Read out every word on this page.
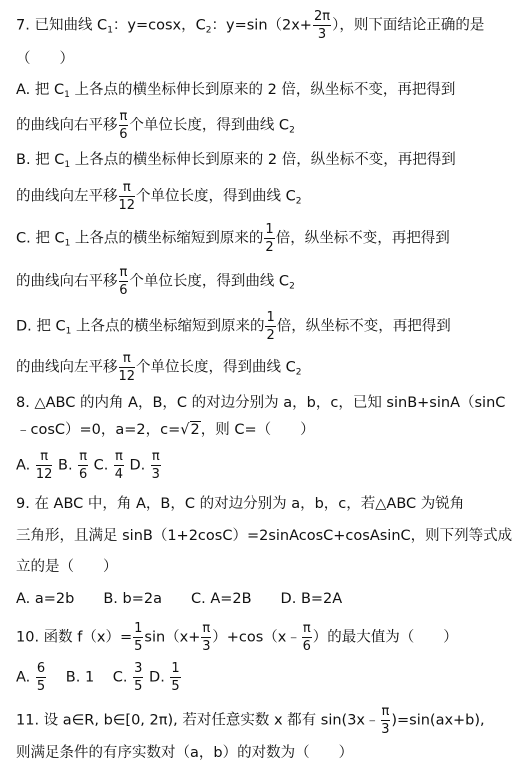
7. 已知曲线 $C_1$：y=cosx，$C_2$：$y=\sin(2x+ \frac{2\pi}{3}$ ），则下面结论正确的是
（　　）
A. 把 $C_1$ 上各点的横坐标伸长到原来的 2 倍，纵坐标不变，再把得到
的曲线向右平移 $\frac{\pi}{6}$ 个单位长度，得到曲线 $C_2$
B. 把 $C_1$ 上各点的横坐标伸长到原来的 2 倍，纵坐标不变，再把得到
的曲线向左平移 $\frac{\pi}{12}$ 个单位长度，得到曲线 $C_2$
C. 把 $C_1$ 上各点的横坐标缩短到原来的 $\frac{1}{2}$ 倍，纵坐标不变，再把得到
的曲线向右平移 $\frac{\pi}{6}$ 个单位长度，得到曲线 $C_2$
D. 把 $C_1$ 上各点的横坐标缩短到原来的 $\frac{1}{2}$ 倍，纵坐标不变，再把得到
的曲线向左平移 $\frac{\pi}{12}$ 个单位长度，得到曲线 $C_2$
8. △ABC 的内角 A，B，C 的对边分别为 a，b，c，已知 sinB+sinA（sinC
﹣cosC）=0，a=2，c=√2，则 C=（　　）
A. $\frac{\pi}{12} B$. $\frac{\pi}{6} C$. $\frac{\pi}{4} D$. $\frac{\pi}{3}$
9. 在 ABC 中，角 A，B，C 的对边分别为 a，b，c，若△ABC 为锐角
三角形，且满足 sinB（1+2cosC）=2sinAcosC+cosAsinC，则下列等式成
立的是（　　）
A. a=2b　　B. b=2a　　C. A=2B　　D. B=2A
10. 函数 $f(x)= \frac{1}{5} \sin(x+ \frac{\pi}{3}$ ）+cos（x﹣ $\frac{\pi}{6}$ ）的最大值为（　　）
A. $\frac{6}{5} B$. 1 C. $\frac{3}{5} D$. $\frac{1}{5}$
11. 设 a∈R, b∈[0, 2π), 若对任意实数 x 都有 sin(3x﹣ $\frac{\pi}{3} )=\sin(ax+b)$,
则满足条件的有序实数对（a，b）的对数为（　　）
